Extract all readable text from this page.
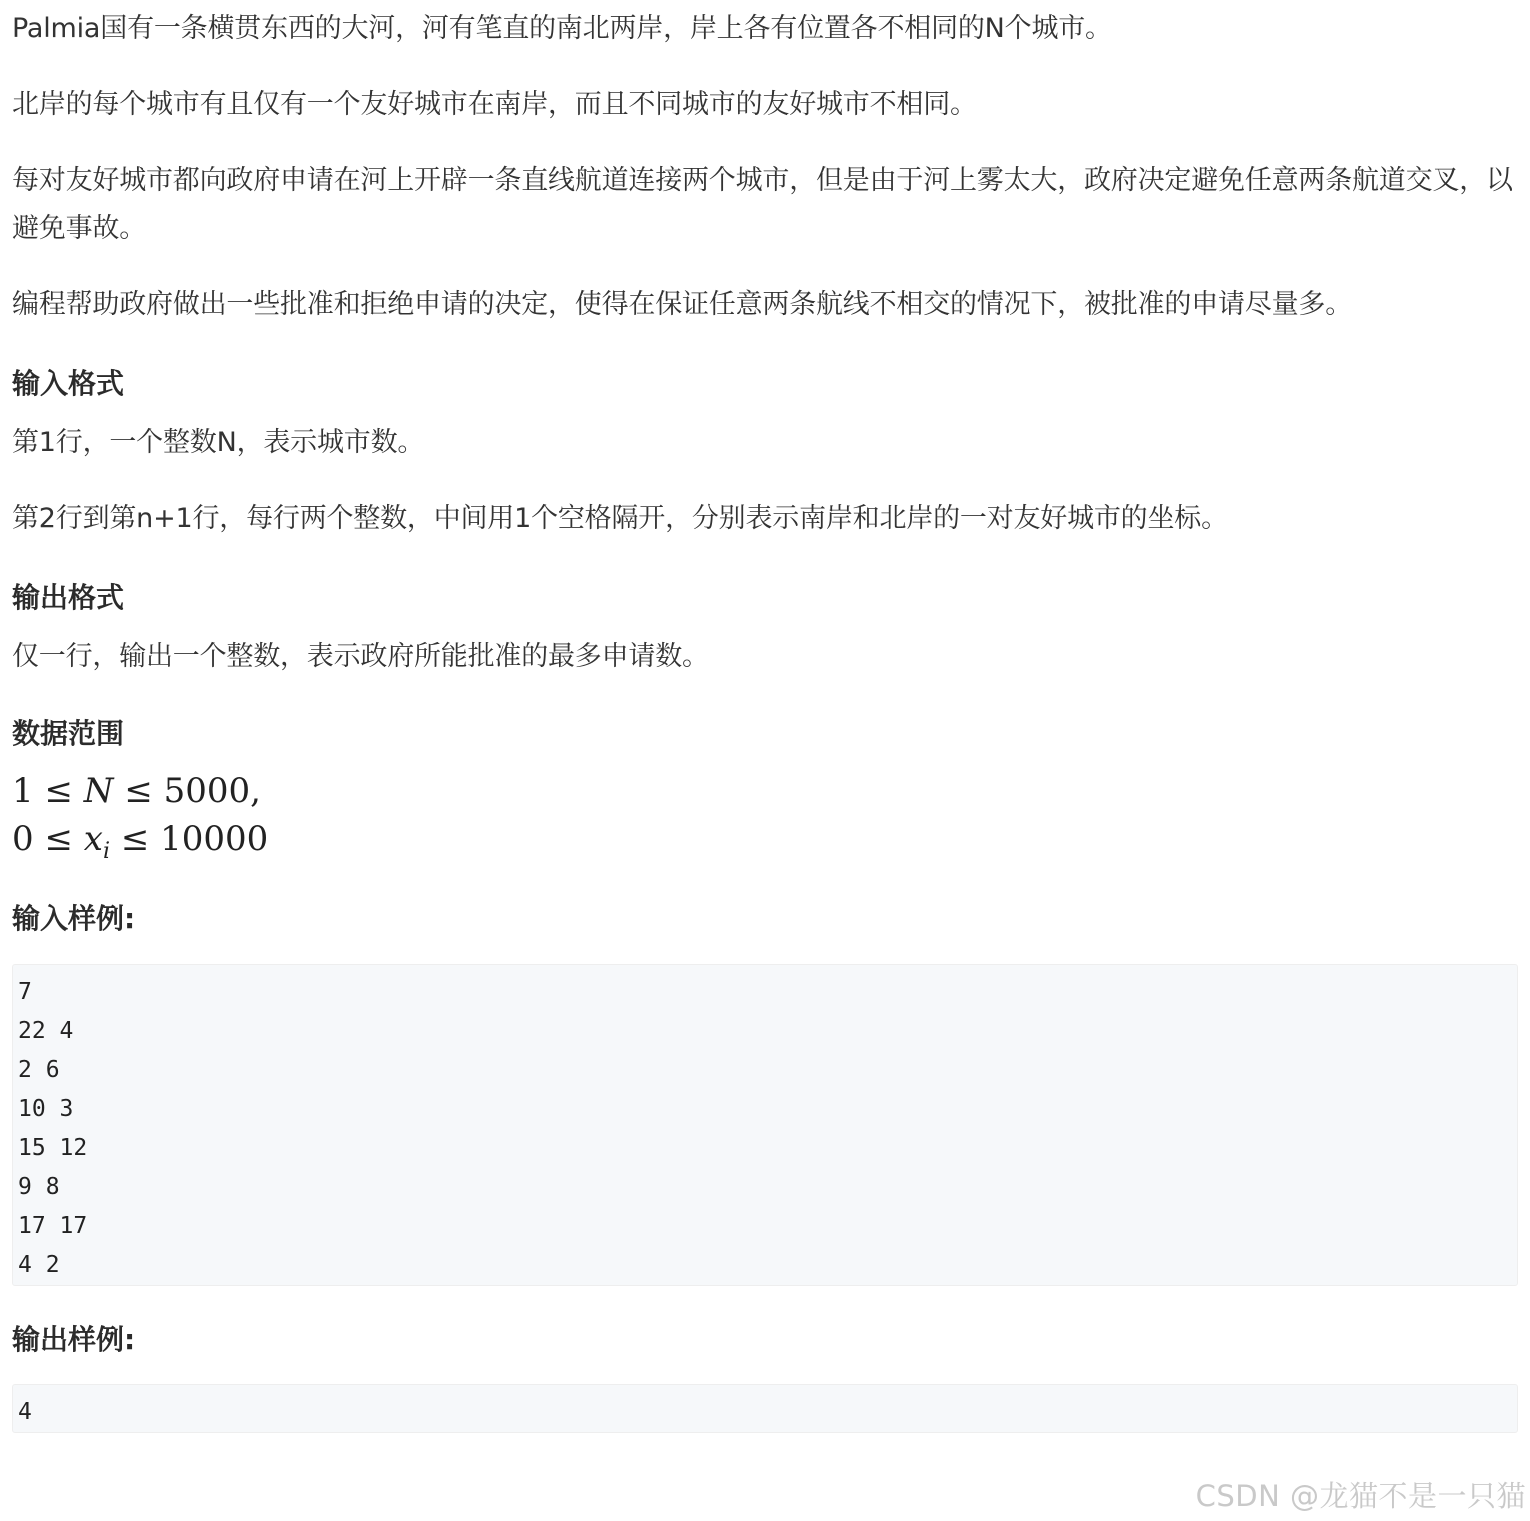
Palmia国有一条横贯东西的大河，河有笔直的南北两岸，岸上各有位置各不相同的N个城市。

北岸的每个城市有且仅有一个友好城市在南岸，而且不同城市的友好城市不相同。

每对友好城市都向政府申请在河上开辟一条直线航道连接两个城市，但是由于河上雾太大，政府决定避免任意两条航道交叉，以避免事故。

编程帮助政府做出一些批准和拒绝申请的决定，使得在保证任意两条航线不相交的情况下，被批准的申请尽量多。

输入格式

第1行，一个整数N，表示城市数。

第2行到第n+1行，每行两个整数，中间用1个空格隔开，分别表示南岸和北岸的一对友好城市的坐标。

输出格式

仅一行，输出一个整数，表示政府所能批准的最多申请数。

数据范围
1 ≤ N ≤ 5000,
$0 \le x_i \le 10000$
输入样例:
7
22 4
2 6
10 3
15 12
9 8
17 17
4 2
输出样例:
4
CSDN @龙猫不是一只猫
